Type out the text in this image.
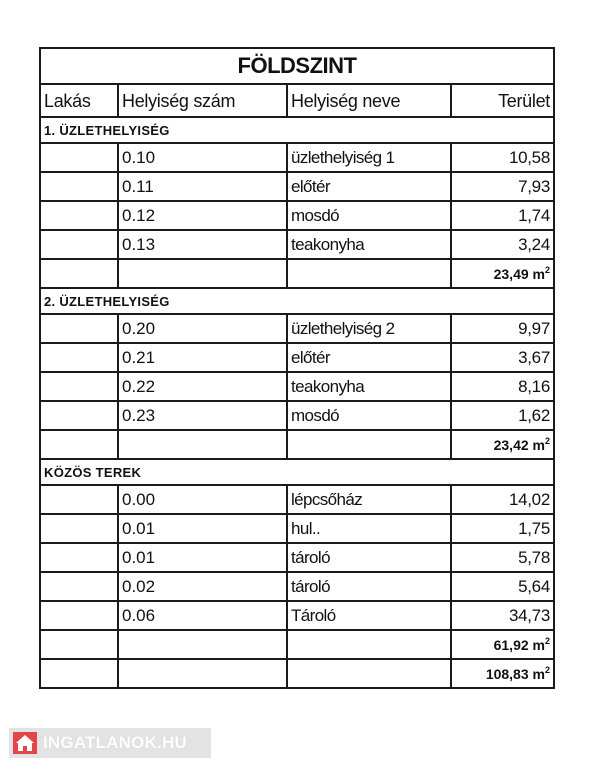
FÖLDSZINT			
Lakás	Helyiség szám	Helyiség neve	Terület
1. ÜZLETHELYISÉG			
	0.10	üzlethelyiség 1	10,58
	0.11	előtér	7,93
	0.12	mosdó	1,74
	0.13	teakonyha	3,24
			23,49 $m^2$
2. ÜZLETHELYISÉG			
	0.20	üzlethelyiség 2	9,97
	0.21	előtér	3,67
	0.22	teakonyha	8,16
	0.23	mosdó	1,62
			23,42 $m^2$
KÖZÖS TEREK			
	0.00	lépcsőház	14,02
	0.01	hul..	1,75
	0.01	tároló	5,78
	0.02	tároló	5,64
	0.06	Tároló	34,73
			61,92 $m^2$
			108,83 $m^2$
INGATLANOK.HU
